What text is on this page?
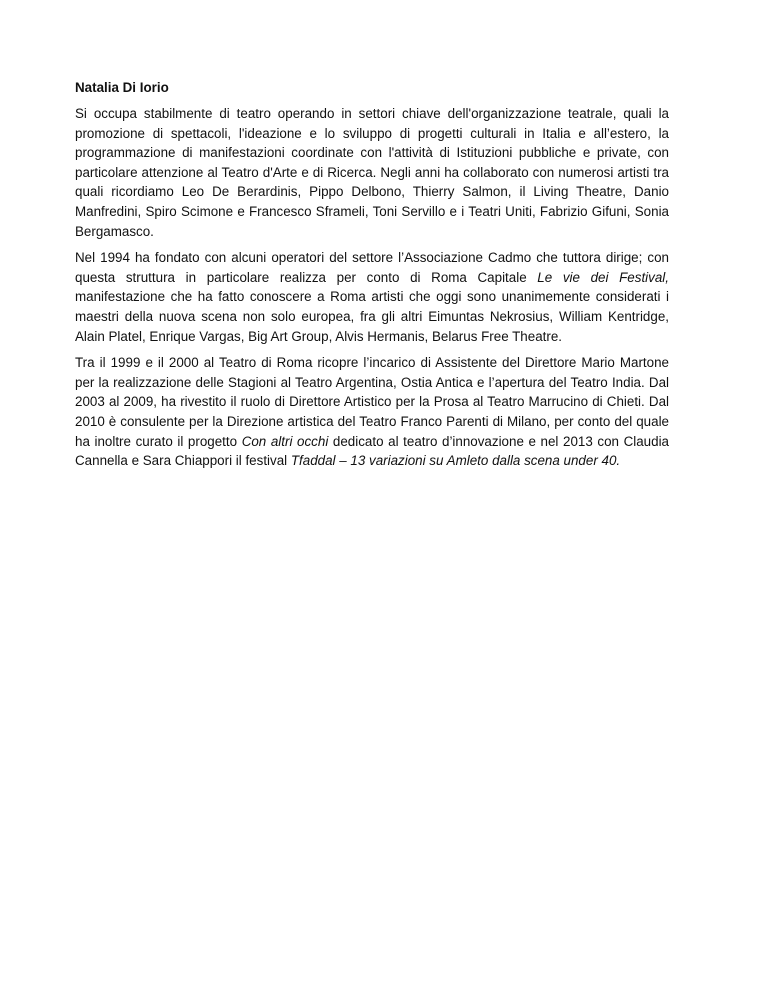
Natalia Di Iorio

Si occupa stabilmente di teatro operando in settori chiave dell'organizzazione teatrale, quali la promozione di spettacoli, l'ideazione e lo sviluppo di progetti culturali in Italia e all’estero, la programmazione di manifestazioni coordinate con l'attività di Istituzioni pubbliche e private, con particolare attenzione al Teatro d'Arte e di Ricerca. Negli anni ha collaborato con numerosi artisti tra quali ricordiamo Leo De Berardinis, Pippo Delbono, Thierry Salmon, il Living Theatre, Danio Manfredini, Spiro Scimone e Francesco Sframeli, Toni Servillo e i Teatri Uniti, Fabrizio Gifuni, Sonia Bergamasco.

Nel 1994 ha fondato con alcuni operatori del settore l’Associazione Cadmo che tuttora dirige; con questa struttura in particolare realizza per conto di Roma Capitale Le vie dei Festival, manifestazione che ha fatto conoscere a Roma artisti che oggi sono unanimemente considerati i maestri della nuova scena non solo europea, fra gli altri Eimuntas Nekrosius, William Kentridge, Alain Platel, Enrique Vargas, Big Art Group, Alvis Hermanis, Belarus Free Theatre.

Tra il 1999 e il 2000 al Teatro di Roma ricopre l’incarico di Assistente del Direttore Mario Martone per la realizzazione delle Stagioni al Teatro Argentina, Ostia Antica e l’apertura del Teatro India. Dal 2003 al 2009, ha rivestito il ruolo di Direttore Artistico per la Prosa al Teatro Marrucino di Chieti. Dal 2010 è consulente per la Direzione artistica del Teatro Franco Parenti di Milano, per conto del quale ha inoltre curato il progetto Con altri occhi dedicato al teatro d’innovazione e nel 2013 con Claudia Cannella e Sara Chiappori il festival Tfaddal – 13 variazioni su Amleto dalla scena under 40.
